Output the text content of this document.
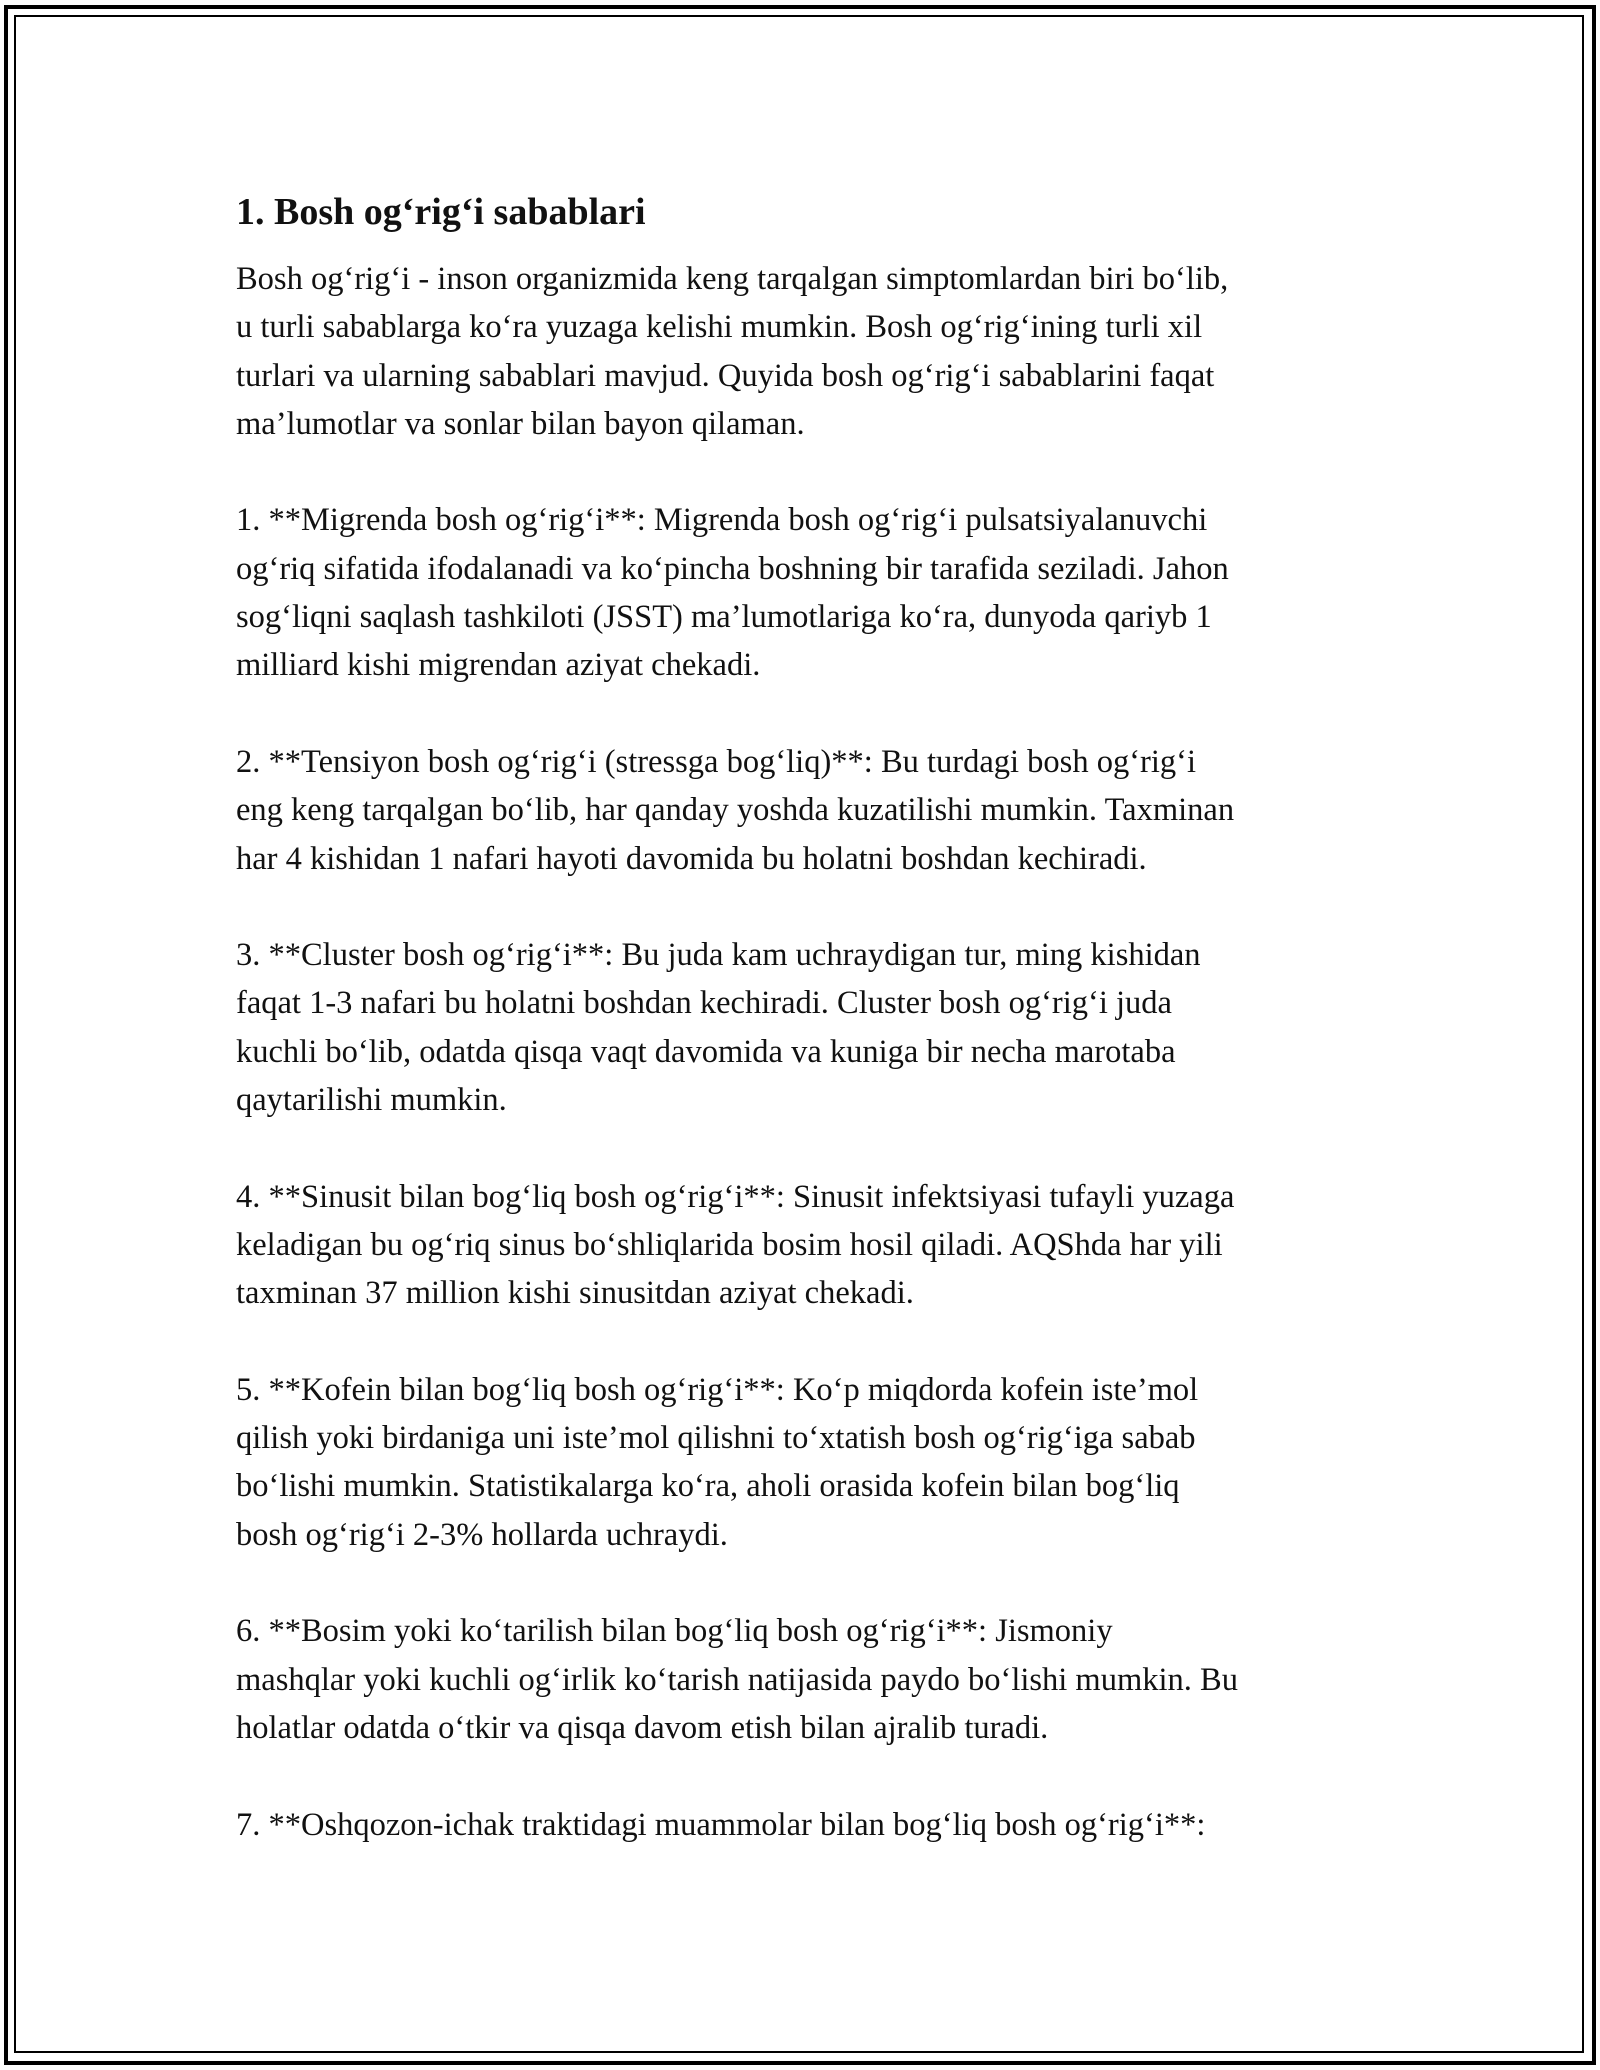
1. Bosh og‘rig‘i sabablari

Bosh og‘rig‘i - inson organizmida keng tarqalgan simptomlardan biri bo‘lib,
u turli sabablarga ko‘ra yuzaga kelishi mumkin. Bosh og‘rig‘ining turli xil
turlari va ularning sabablari mavjud. Quyida bosh og‘rig‘i sabablarini faqat
ma’lumotlar va sonlar bilan bayon qilaman.

1. **Migrenda bosh og‘rig‘i**: Migrenda bosh og‘rig‘i pulsatsiyalanuvchi
og‘riq sifatida ifodalanadi va ko‘pincha boshning bir tarafida seziladi. Jahon
sog‘liqni saqlash tashkiloti (JSST) ma’lumotlariga ko‘ra, dunyoda qariyb 1
milliard kishi migrendan aziyat chekadi.

2. **Tensiyon bosh og‘rig‘i (stressga bog‘liq)**: Bu turdagi bosh og‘rig‘i
eng keng tarqalgan bo‘lib, har qanday yoshda kuzatilishi mumkin. Taxminan
har 4 kishidan 1 nafari hayoti davomida bu holatni boshdan kechiradi.

3. **Cluster bosh og‘rig‘i**: Bu juda kam uchraydigan tur, ming kishidan
faqat 1-3 nafari bu holatni boshdan kechiradi. Cluster bosh og‘rig‘i juda
kuchli bo‘lib, odatda qisqa vaqt davomida va kuniga bir necha marotaba
qaytarilishi mumkin.

4. **Sinusit bilan bog‘liq bosh og‘rig‘i**: Sinusit infektsiyasi tufayli yuzaga
keladigan bu og‘riq sinus bo‘shliqlarida bosim hosil qiladi. AQShda har yili
taxminan 37 million kishi sinusitdan aziyat chekadi.

5. **Kofein bilan bog‘liq bosh og‘rig‘i**: Ko‘p miqdorda kofein iste’mol
qilish yoki birdaniga uni iste’mol qilishni to‘xtatish bosh og‘rig‘iga sabab
bo‘lishi mumkin. Statistikalarga ko‘ra, aholi orasida kofein bilan bog‘liq
bosh og‘rig‘i 2-3% hollarda uchraydi.

6. **Bosim yoki ko‘tarilish bilan bog‘liq bosh og‘rig‘i**: Jismoniy
mashqlar yoki kuchli og‘irlik ko‘tarish natijasida paydo bo‘lishi mumkin. Bu
holatlar odatda o‘tkir va qisqa davom etish bilan ajralib turadi.

7. **Oshqozon-ichak traktidagi muammolar bilan bog‘liq bosh og‘rig‘i**:
